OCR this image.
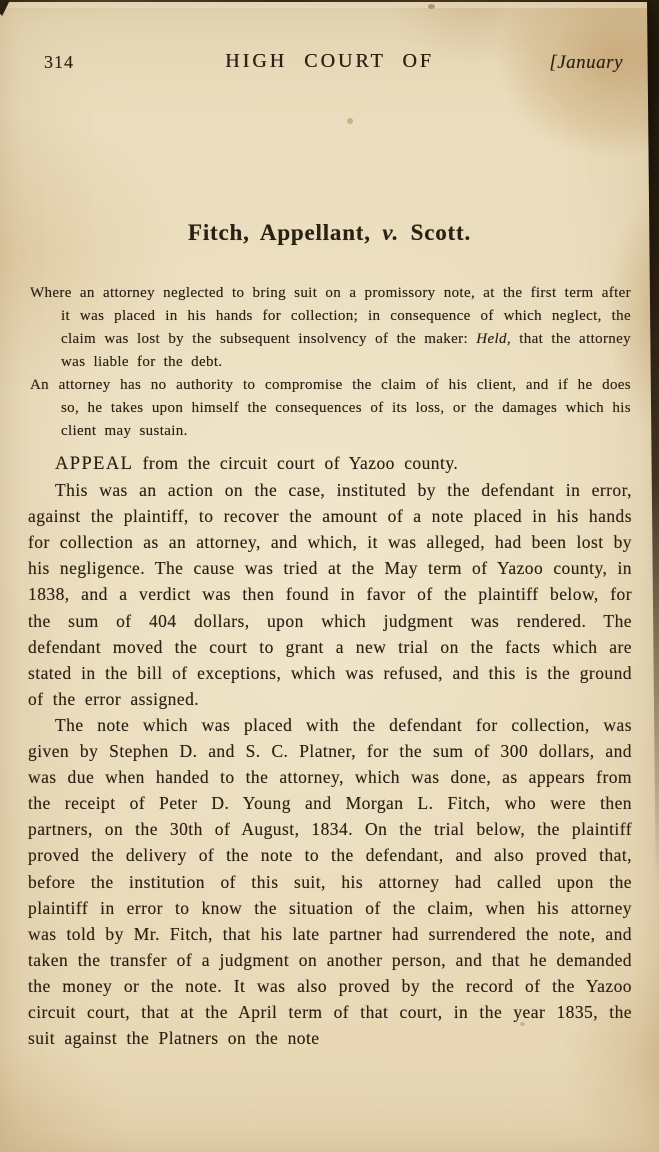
314	HIGH COURT OF	[January
Fitch, Appellant, v. Scott.

Where an attorney neglected to bring suit on a promissory note, at the first term after it was placed in his hands for collection; in consequence of which neglect, the claim was lost by the subsequent insolvency of the maker: Held, that the attorney was liable for the debt.

An attorney has no authority to compromise the claim of his client, and if he does so, he takes upon himself the consequences of its loss, or the damages which his client may sustain.

APPEAL from the circuit court of Yazoo county.

This was an action on the case, instituted by the defendant in error, against the plaintiff, to recover the amount of a note placed in his hands for collection as an attorney, and which, it was alleged, had been lost by his negligence. The cause was tried at the May term of Yazoo county, in 1838, and a verdict was then found in favor of the plaintiff below, for the sum of 404 dollars, upon which judgment was rendered. The defendant moved the court to grant a new trial on the facts which are stated in the bill of exceptions, which was refused, and this is the ground of the error assigned.

The note which was placed with the defendant for collection, was given by Stephen D. and S. C. Platner, for the sum of 300 dollars, and was due when handed to the attorney, which was done, as appears from the receipt of Peter D. Young and Morgan L. Fitch, who were then partners, on the 30th of August, 1834. On the trial below, the plaintiff proved the delivery of the note to the defendant, and also proved that, before the institution of this suit, his attorney had called upon the plaintiff in error to know the situation of the claim, when his attorney was told by Mr. Fitch, that his late partner had surrendered the note, and taken the transfer of a judgment on another person, and that he demanded the money or the note. It was also proved by the record of the Yazoo circuit court, that at the April term of that court, in the year 1835, the suit against the Platners on the note
